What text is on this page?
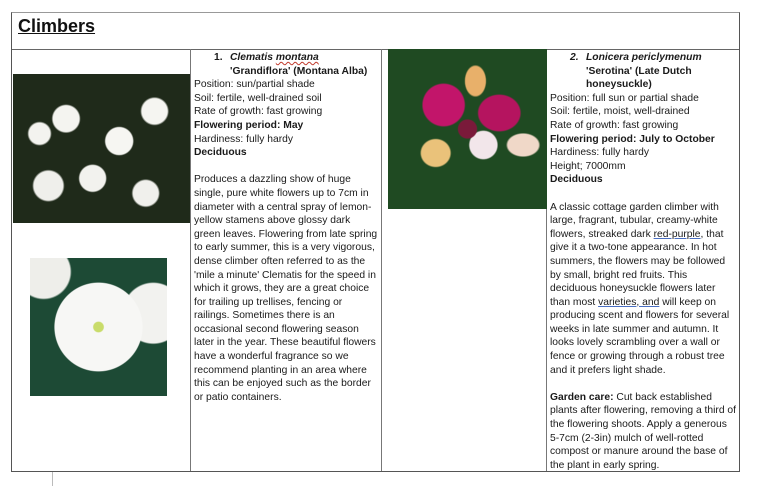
Climbers
1. Clematis montana 'Grandiflora' (Montana Alba)

Position: sun/partial shade

Soil: fertile, well-drained soil

Rate of growth: fast growing

Flowering period: May

Hardiness: fully hardy

Deciduous

Produces a dazzling show of huge single, pure white flowers up to 7cm in diameter with a central spray of lemon-yellow stamens above glossy dark green leaves. Flowering from late spring to early summer, this is a very vigorous, dense climber often referred to as the 'mile a minute' Clematis for the speed in which it grows, they are a great choice for trailing up trellises, fencing or railings. Sometimes there is an occasional second flowering season later in the year. These beautiful flowers have a wonderful fragrance so we recommend planting in an area where this can be enjoyed such as the border or patio containers.

2. Lonicera periclymenum 'Serotina' (Late Dutch honeysuckle)

Position: full sun or partial shade

Soil: fertile, moist, well-drained

Rate of growth: fast growing

Flowering period: July to October

Hardiness: fully hardy

Height; 7000mm

Deciduous

A classic cottage garden climber with large, fragrant, tubular, creamy-white flowers, streaked dark red-purple, that give it a two-tone appearance. In hot summers, the flowers may be followed by small, bright red fruits. This deciduous honeysuckle flowers later than most varieties, and will keep on producing scent and flowers for several weeks in late summer and autumn. It looks lovely scrambling over a wall or fence or growing through a robust tree and it prefers light shade.

Garden care: Cut back established plants after flowering, removing a third of the flowering shoots. Apply a generous 5-7cm (2-3in) mulch of well-rotted compost or manure around the base of the plant in early spring.
